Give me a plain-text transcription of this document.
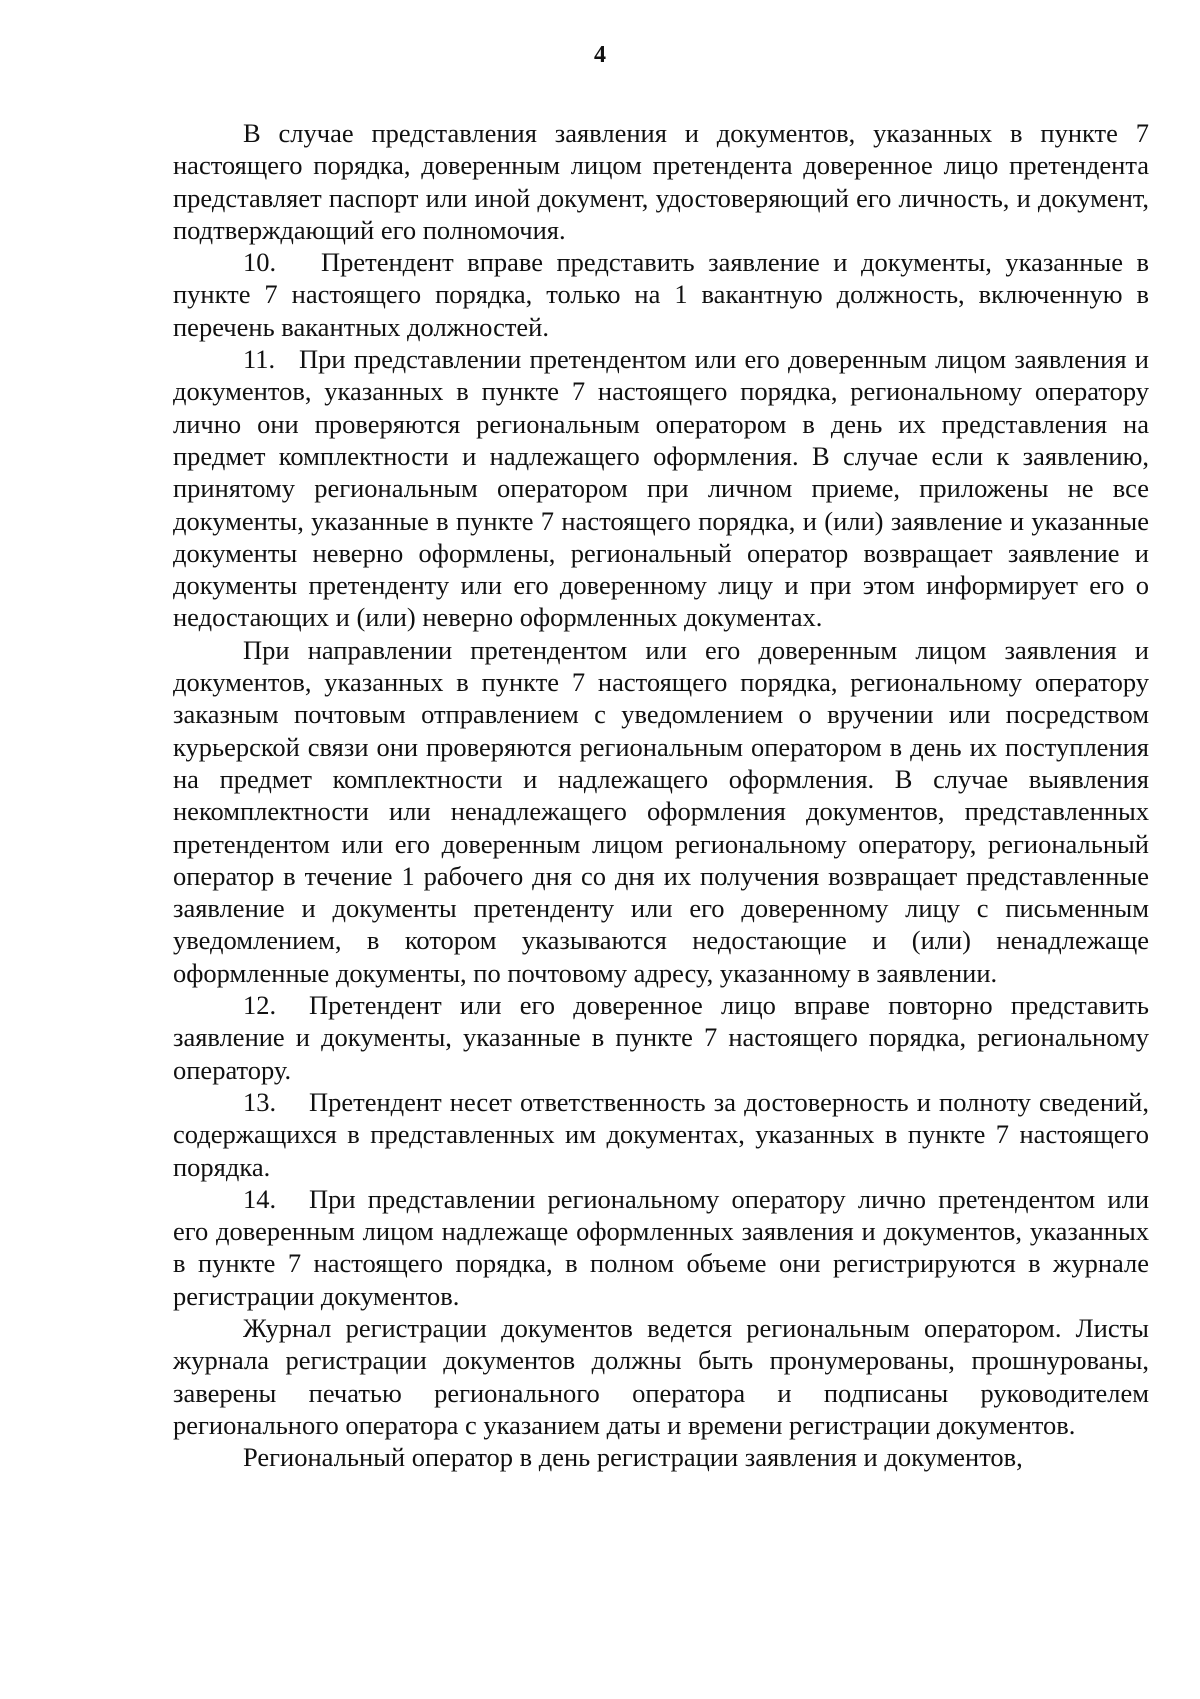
4

В случае представления заявления и документов, указанных в пункте 7 настоящего порядка, доверенным лицом претендента доверенное лицо претендента представляет паспорт или иной документ, удостоверяющий его личность, и документ, подтверждающий его полномочия.

10. Претендент вправе представить заявление и документы, указанные в пункте 7 настоящего порядка, только на 1 вакантную должность, включенную в перечень вакантных должностей.

11. При представлении претендентом или его доверенным лицом заявления и документов, указанных в пункте 7 настоящего порядка, региональному оператору лично они проверяются региональным оператором в день их представления на предмет комплектности и надлежащего оформления. В случае если к заявлению, принятому региональным оператором при личном приеме, приложены не все документы, указанные в пункте 7 настоящего порядка, и (или) заявление и указанные документы неверно оформлены, региональный оператор возвращает заявление и документы претенденту или его доверенному лицу и при этом информирует его о недостающих и (или) неверно оформленных документах.

При направлении претендентом или его доверенным лицом заявления и документов, указанных в пункте 7 настоящего порядка, региональному оператору заказным почтовым отправлением с уведомлением о вручении или посредством курьерской связи они проверяются региональным оператором в день их поступления на предмет комплектности и надлежащего оформления. В случае выявления некомплектности или ненадлежащего оформления документов, представленных претендентом или его доверенным лицом региональному оператору, региональный оператор в течение 1 рабочего дня со дня их получения возвращает представленные заявление и документы претенденту или его доверенному лицу с письменным уведомлением, в котором указываются недостающие и (или) ненадлежаще оформленные документы, по почтовому адресу, указанному в заявлении.

12. Претендент или его доверенное лицо вправе повторно представить заявление и документы, указанные в пункте 7 настоящего порядка, региональному оператору.

13. Претендент несет ответственность за достоверность и полноту сведений, содержащихся в представленных им документах, указанных в пункте 7 настоящего порядка.

14. При представлении региональному оператору лично претендентом или его доверенным лицом надлежаще оформленных заявления и документов, указанных в пункте 7 настоящего порядка, в полном объеме они регистрируются в журнале регистрации документов.

Журнал регистрации документов ведется региональным оператором. Листы журнала регистрации документов должны быть пронумерованы, прошнурованы, заверены печатью регионального оператора и подписаны руководителем регионального оператора с указанием даты и времени регистрации документов.

Региональный оператор в день регистрации заявления и документов,
